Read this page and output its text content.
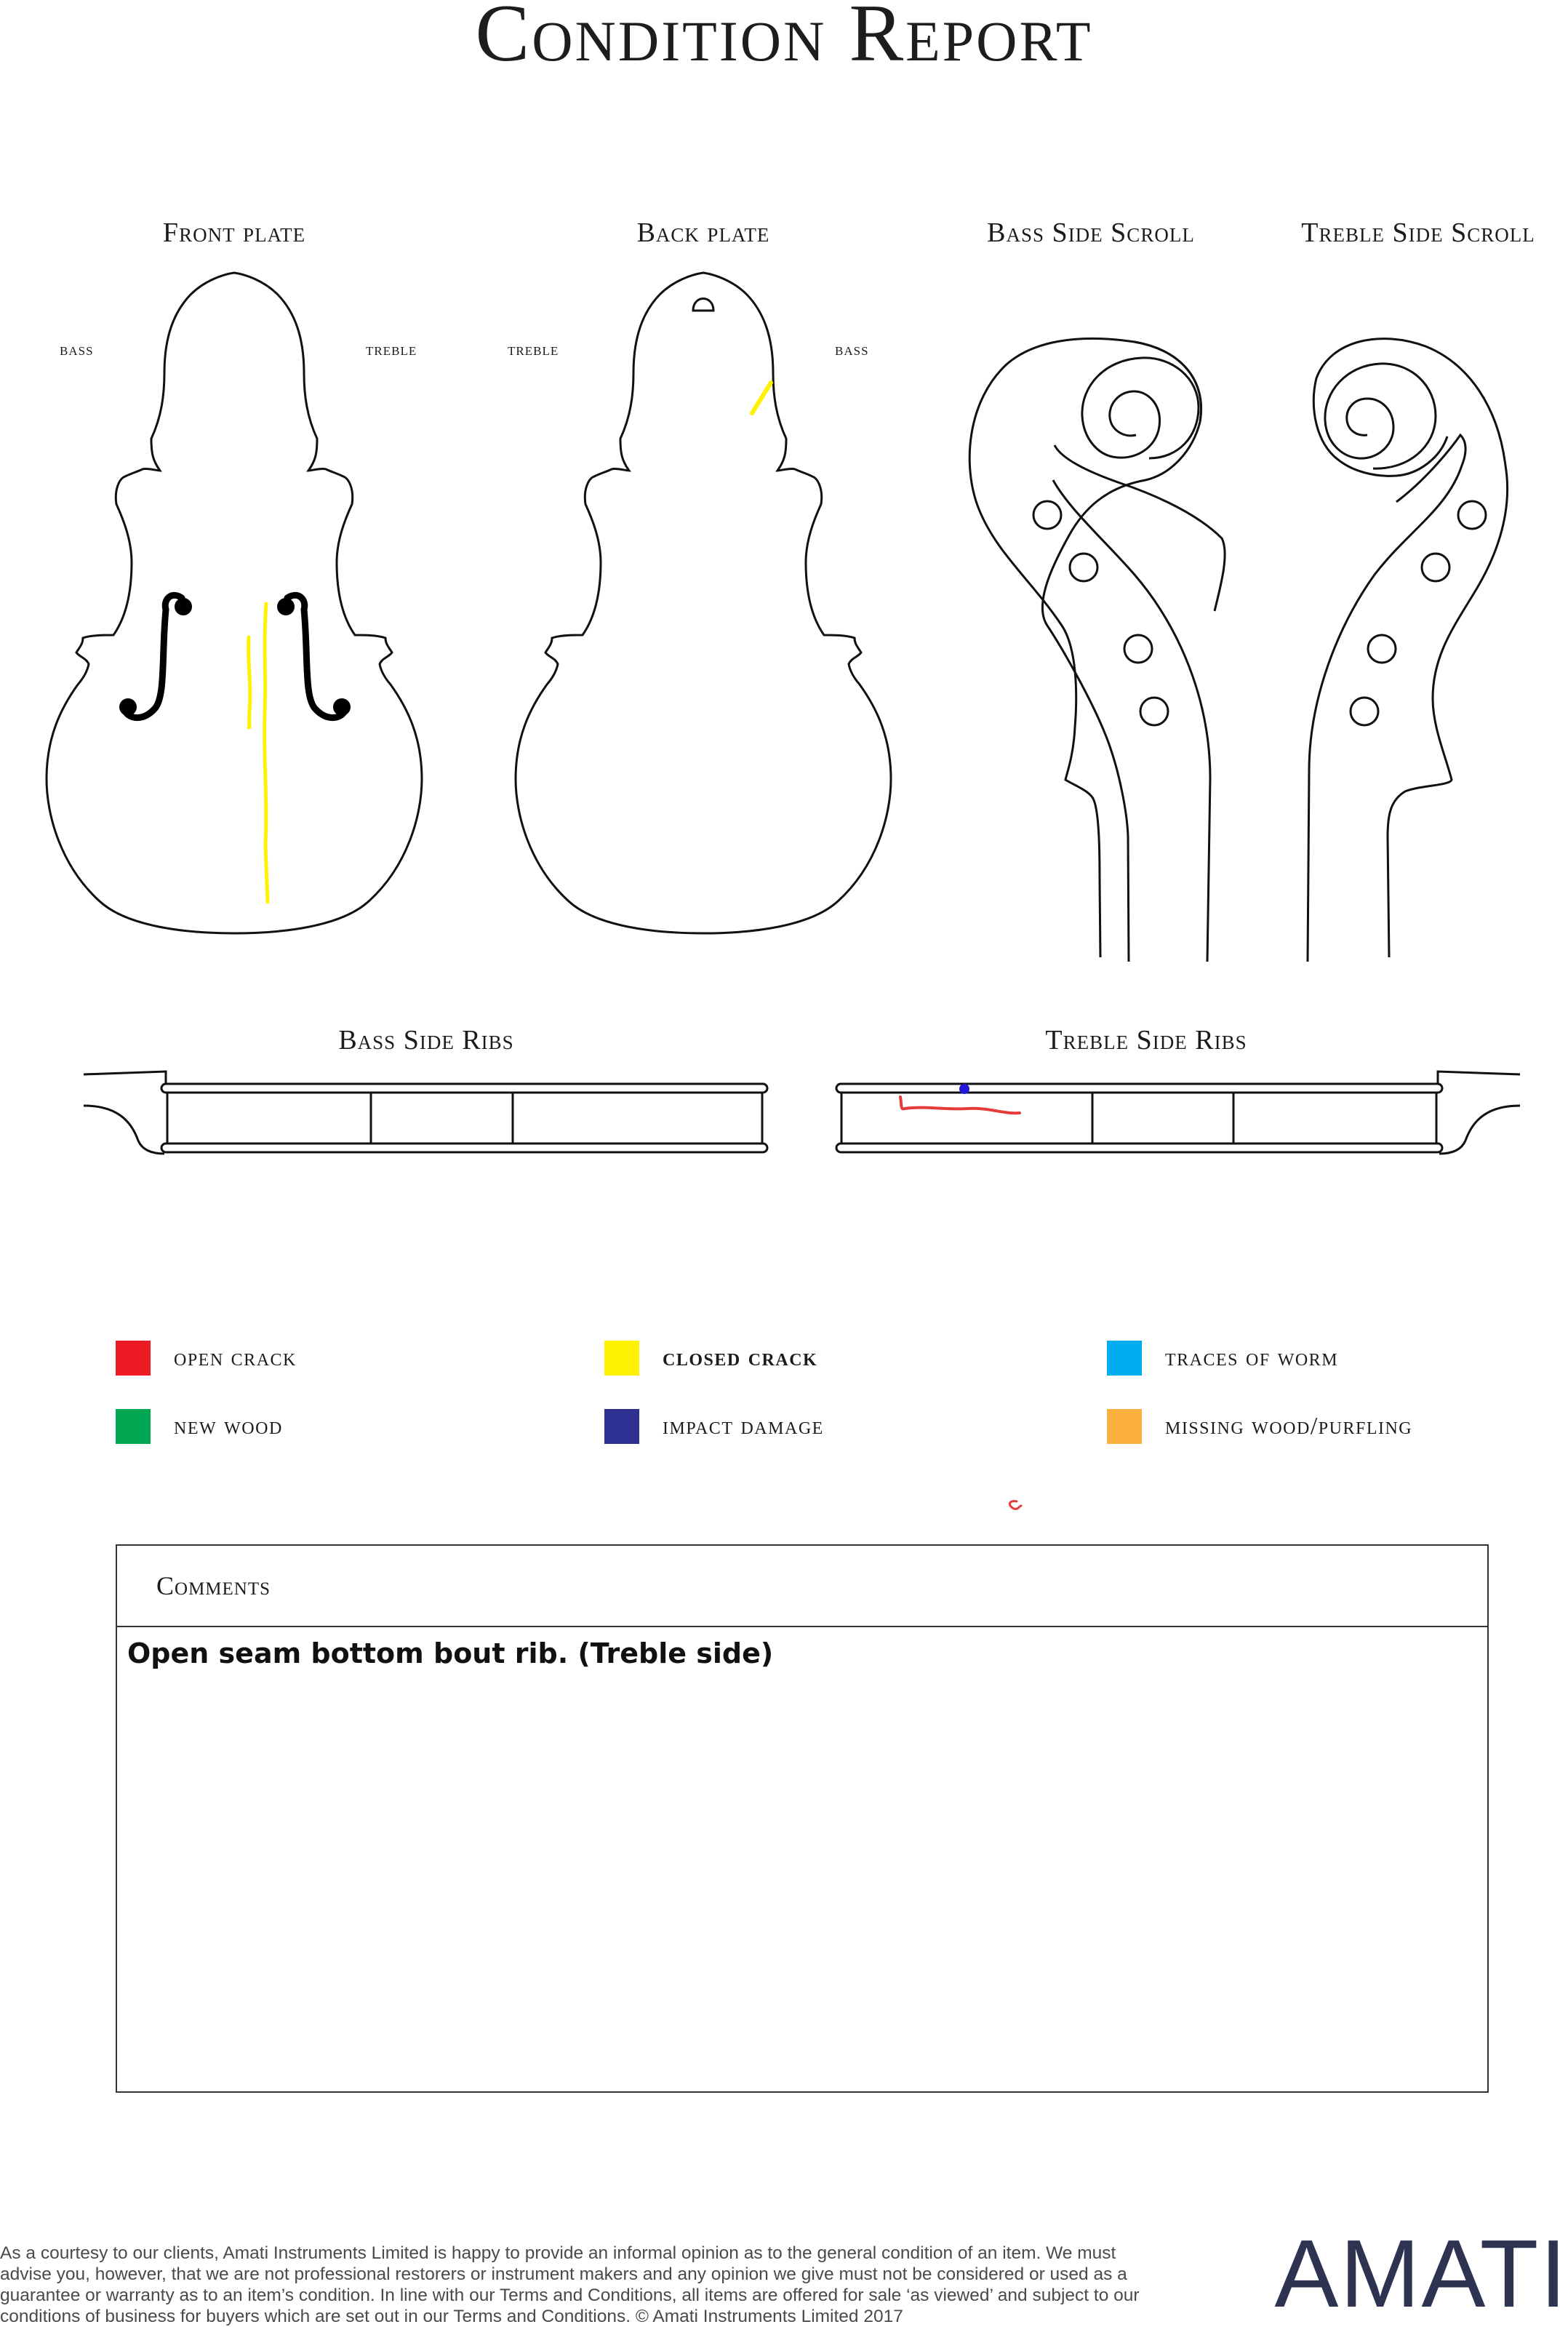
Condition Report
Front plate	Back plate	Bass Side Scroll	Treble Side Scroll
Bass Side Ribs	Treble Side Ribs
bass	treble	treble	bass
open crack	closed crack	traces of worm
new wood	impact damage	missing wood/purfling
Comments
Open seam bottom bout rib. (Treble side)
As a courtesy to our clients, Amati Instruments Limited is happy to provide an informal opinion as to the general condition of an item. We must advise you, however, that we are not professional restorers or instrument makers and any opinion we give must not be considered or used as a guarantee or warranty as to an item’s condition. In line with our Terms and Conditions, all items are offered for sale ‘as viewed’ and subject to our conditions of business for buyers which are set out in our Terms and Conditions. © Amati Instruments Limited 2017	AMATI
